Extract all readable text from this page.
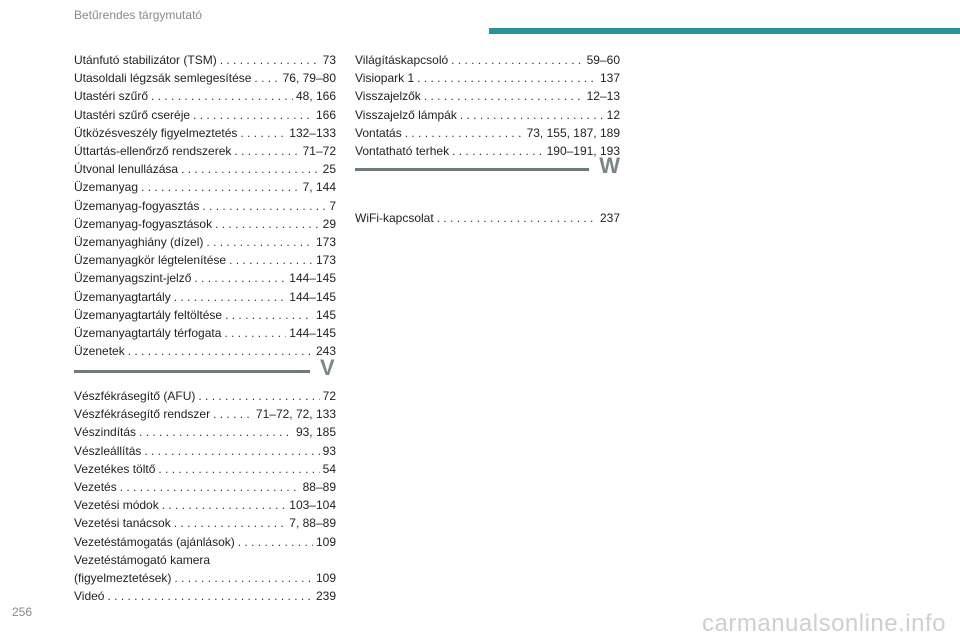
Betűrendes tárgymutató
Utánfutó stabilizátor (TSM) . . .	73
Utasoldali légzsák semlegesítése . . .	76, 79–80
Utastéri szűrő . . .	48, 166
Utastéri szűrő cseréje . . .	166
Ütközésveszély figyelmeztetés . . .	132–133
Úttartás-ellenőrző rendszerek . . .	71–72
Útvonal lenullázása . . .	25
Üzemanyag . . .	7, 144
Üzemanyag-fogyasztás . . .	7
Üzemanyag-fogyasztások . . .	29
Üzemanyaghiány (dízel) . . .	173
Üzemanyagkör légtelenítése . . .	173
Üzemanyagszint-jelző . . .	144–145
Üzemanyagtartály . . .	144–145
Üzemanyagtartály feltöltése . . .	145
Üzemanyagtartály térfogata . . .	144–145
Üzenetek . . .	243
V
Vészfékrásegítő (AFU) . . .	72
Vészfékrásegítő rendszer . . .	71–72, 72, 133
Vészindítás . . .	93, 185
Vészleállítás . . .	93
Vezetékes töltő . . .	54
Vezetés . . .	88–89
Vezetési módok . . .	103–104
Vezetési tanácsok . . .	7, 88–89
Vezetéstámogatás (ajánlások) . . .	109
Vezetéstámogató kamera
(figyelmeztetések) . . .	109
Videó . . .	239
Világításkapcsoló . . .	59–60
Visiopark 1 . . .	137
Visszajelzők . . .	12–13
Visszajelző lámpák . . .	12
Vontatás . . .	73, 155, 187, 189
Vontatható terhek . . .	190–191, 193
W
WiFi-kapcsolat . . .	237
256	carmanualsonline.info
